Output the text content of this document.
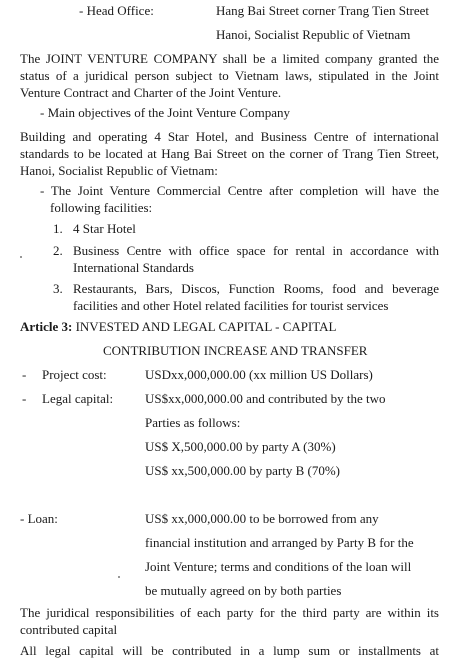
- Head Office:	Hang Bai Street corner Trang Tien Street
Hanoi, Socialist Republic of Vietnam
The JOINT VENTURE COMPANY shall be a limited company granted the status of a juridical person subject to Vietnam laws, stipulated in the Joint Venture Contract and Charter of the Joint Venture.
- Main objectives of the Joint Venture Company
Building and operating 4 Star Hotel, and Business Centre of international standards to be located at Hang Bai Street on the corner of Trang Tien Street, Hanoi, Socialist Republic of Vietnam:
- The Joint Venture Commercial Centre after completion will have the following facilities:
1. 4 Star Hotel
2. Business Centre with office space for rental in accordance with International Standards
3. Restaurants, Bars, Discos, Function Rooms, food and beverage facilities and other Hotel related facilities for tourist services
Article 3: INVESTED AND LEGAL CAPITAL - CAPITAL
CONTRIBUTION INCREASE AND TRANSFER
- Project cost:	USDxx,000,000.00 (xx million US Dollars)
- Legal capital: US$xx,000,000.00 and contributed by the two
Parties as follows:
US$ X,500,000.00 by party A (30%)
US$ xx,500,000.00 by party B (70%)
- Loan:	US$ xx,000,000.00 to be borrowed from any
financial institution and arranged by Party B for the
Joint Venture; terms and conditions of the loan will
be mutually agreed on by both parties
The juridical responsibilities of each party for the third party are within its contributed capital
All legal capital will be contributed in a lump sum or installments at
